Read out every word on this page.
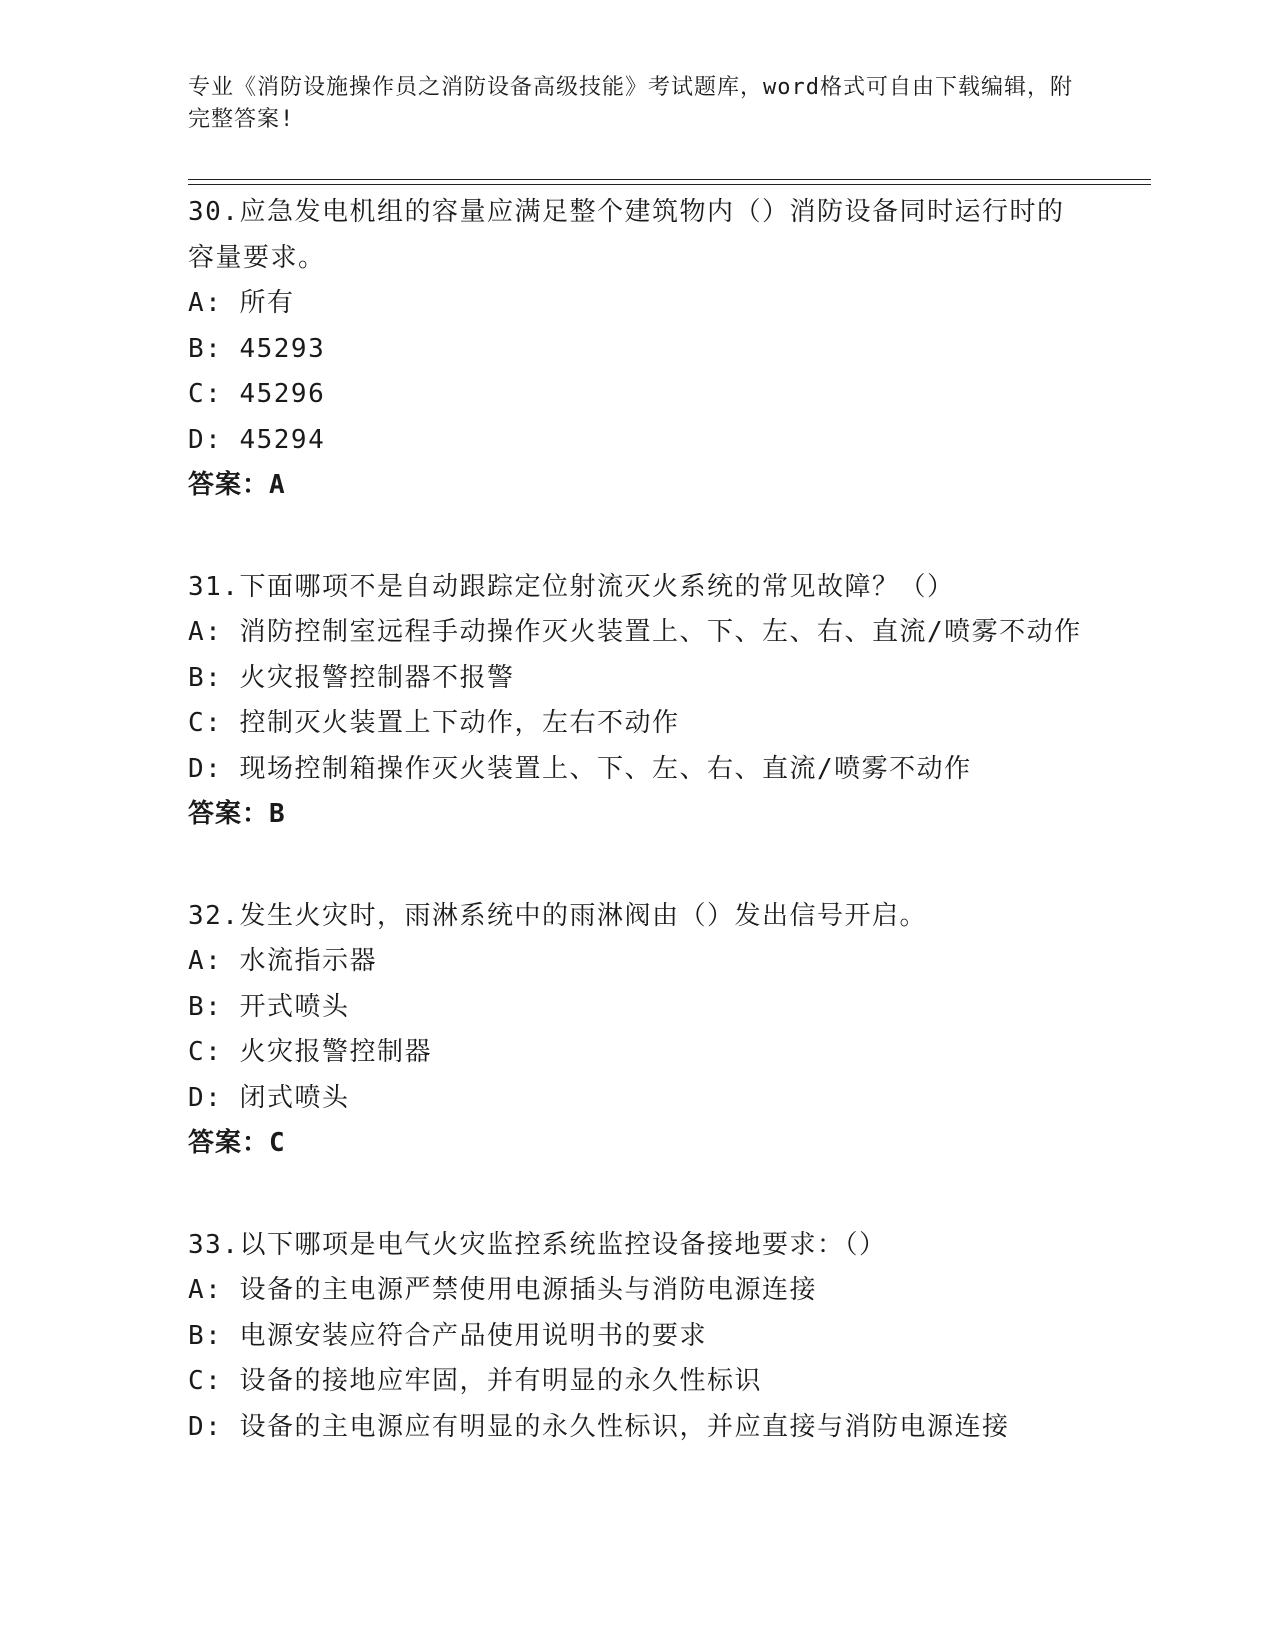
专业《消防设施操作员之消防设备高级技能》考试题库，word格式可自由下载编辑，附完整答案!
30.应急发电机组的容量应满足整个建筑物内（）消防设备同时运行时的容量要求。
A: 所有
B: 45293
C: 45296
D: 45294
答案：A
31.下面哪项不是自动跟踪定位射流灭火系统的常见故障？（）
A: 消防控制室远程手动操作灭火装置上、下、左、右、直流/喷雾不动作
B: 火灾报警控制器不报警
C: 控制灭火装置上下动作，左右不动作
D: 现场控制箱操作灭火装置上、下、左、右、直流/喷雾不动作
答案：B
32.发生火灾时，雨淋系统中的雨淋阀由（）发出信号开启。
A: 水流指示器
B: 开式喷头
C: 火灾报警控制器
D: 闭式喷头
答案：C
33.以下哪项是电气火灾监控系统监控设备接地要求：（）
A: 设备的主电源严禁使用电源插头与消防电源连接
B: 电源安装应符合产品使用说明书的要求
C: 设备的接地应牢固，并有明显的永久性标识
D: 设备的主电源应有明显的永久性标识，并应直接与消防电源连接
